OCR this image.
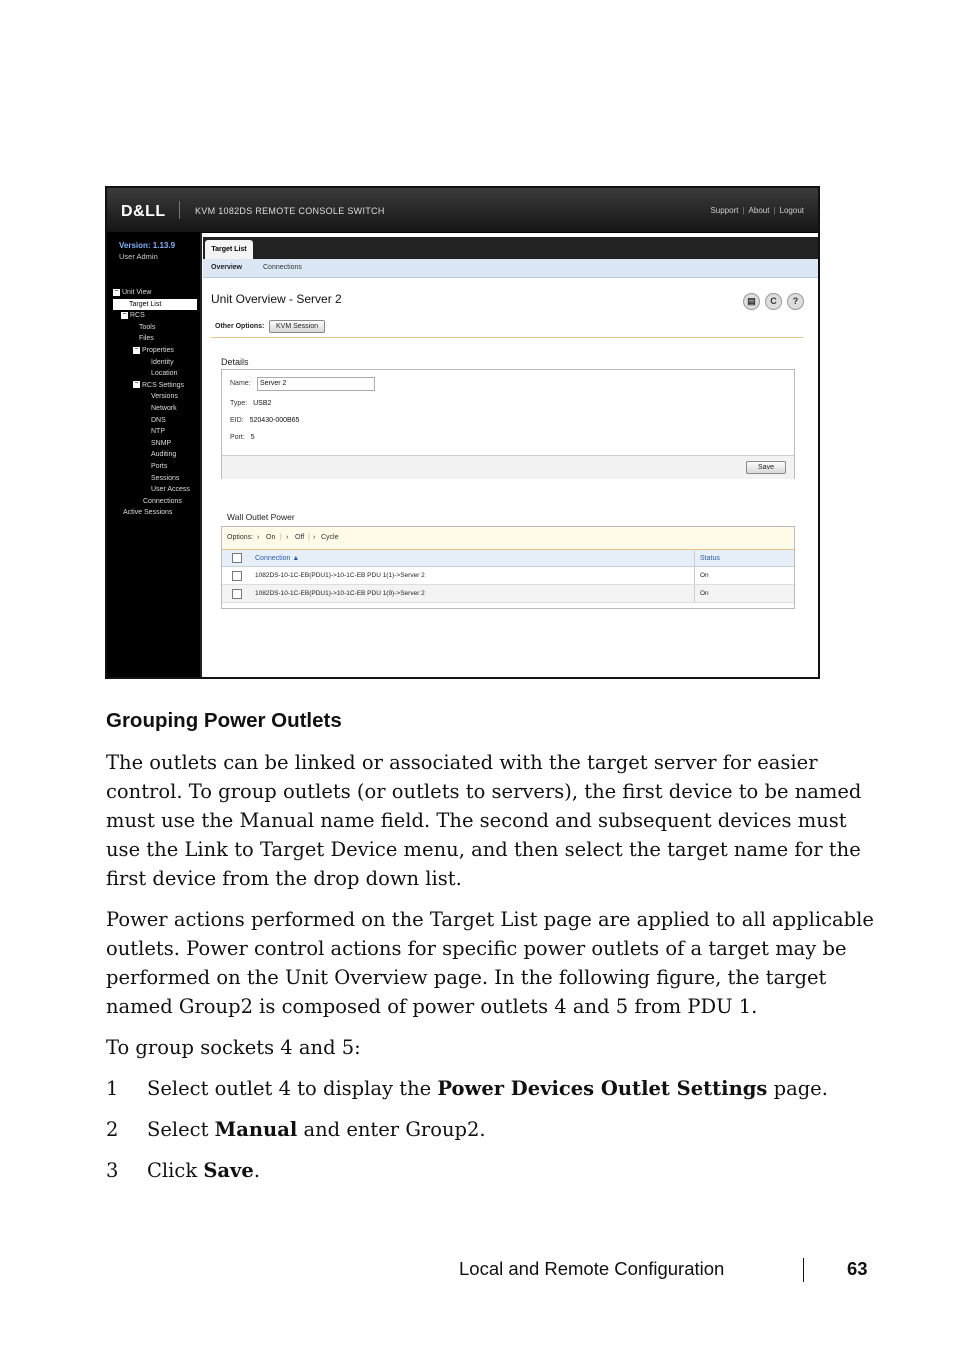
D&LL	KVM 1082DS REMOTE CONSOLE SWITCH	Support | About | Logout
Version: 1.13.9
User Admin
− Unit View
Target List
− RCS
Tools
Files
− Properties
Identity
Location
− RCS Settings
Versions
Network
DNS
NTP
SNMP
Auditing
Ports
Sessions
User Access
Connections
Active Sessions
Target List
Overview	Connections
Unit Overview - Server 2	▤ C ?
Other Options:	KVM Session
Details
Name:	Server 2
Type: USB2
EID: 520430-000B65
Port: 5
Save
Wall Outlet Power
Options: › On | › Off | › Cycle
Connection ▲	Status
1082DS-10-1C-EB(PDU1)->10-1C-EB PDU 1(1)->Server 2	On
1082DS-10-1C-EB(PDU1)->10-1C-EB PDU 1(9)->Server 2	On
Grouping Power Outlets
The outlets can be linked or associated with the target server for easier control. To group outlets (or outlets to servers), the first device to be named must use the Manual name field. The second and subsequent devices must use the Link to Target Device menu, and then select the target name for the first device from the drop down list.
Power actions performed on the Target List page are applied to all applicable outlets. Power control actions for specific power outlets of a target may be performed on the Unit Overview page. In the following figure, the target named Group2 is composed of power outlets 4 and 5 from PDU 1.
To group sockets 4 and 5:
1 Select outlet 4 to display the Power Devices Outlet Settings page.
2 Select Manual and enter Group2.
3 Click Save.
Local and Remote Configuration	63
